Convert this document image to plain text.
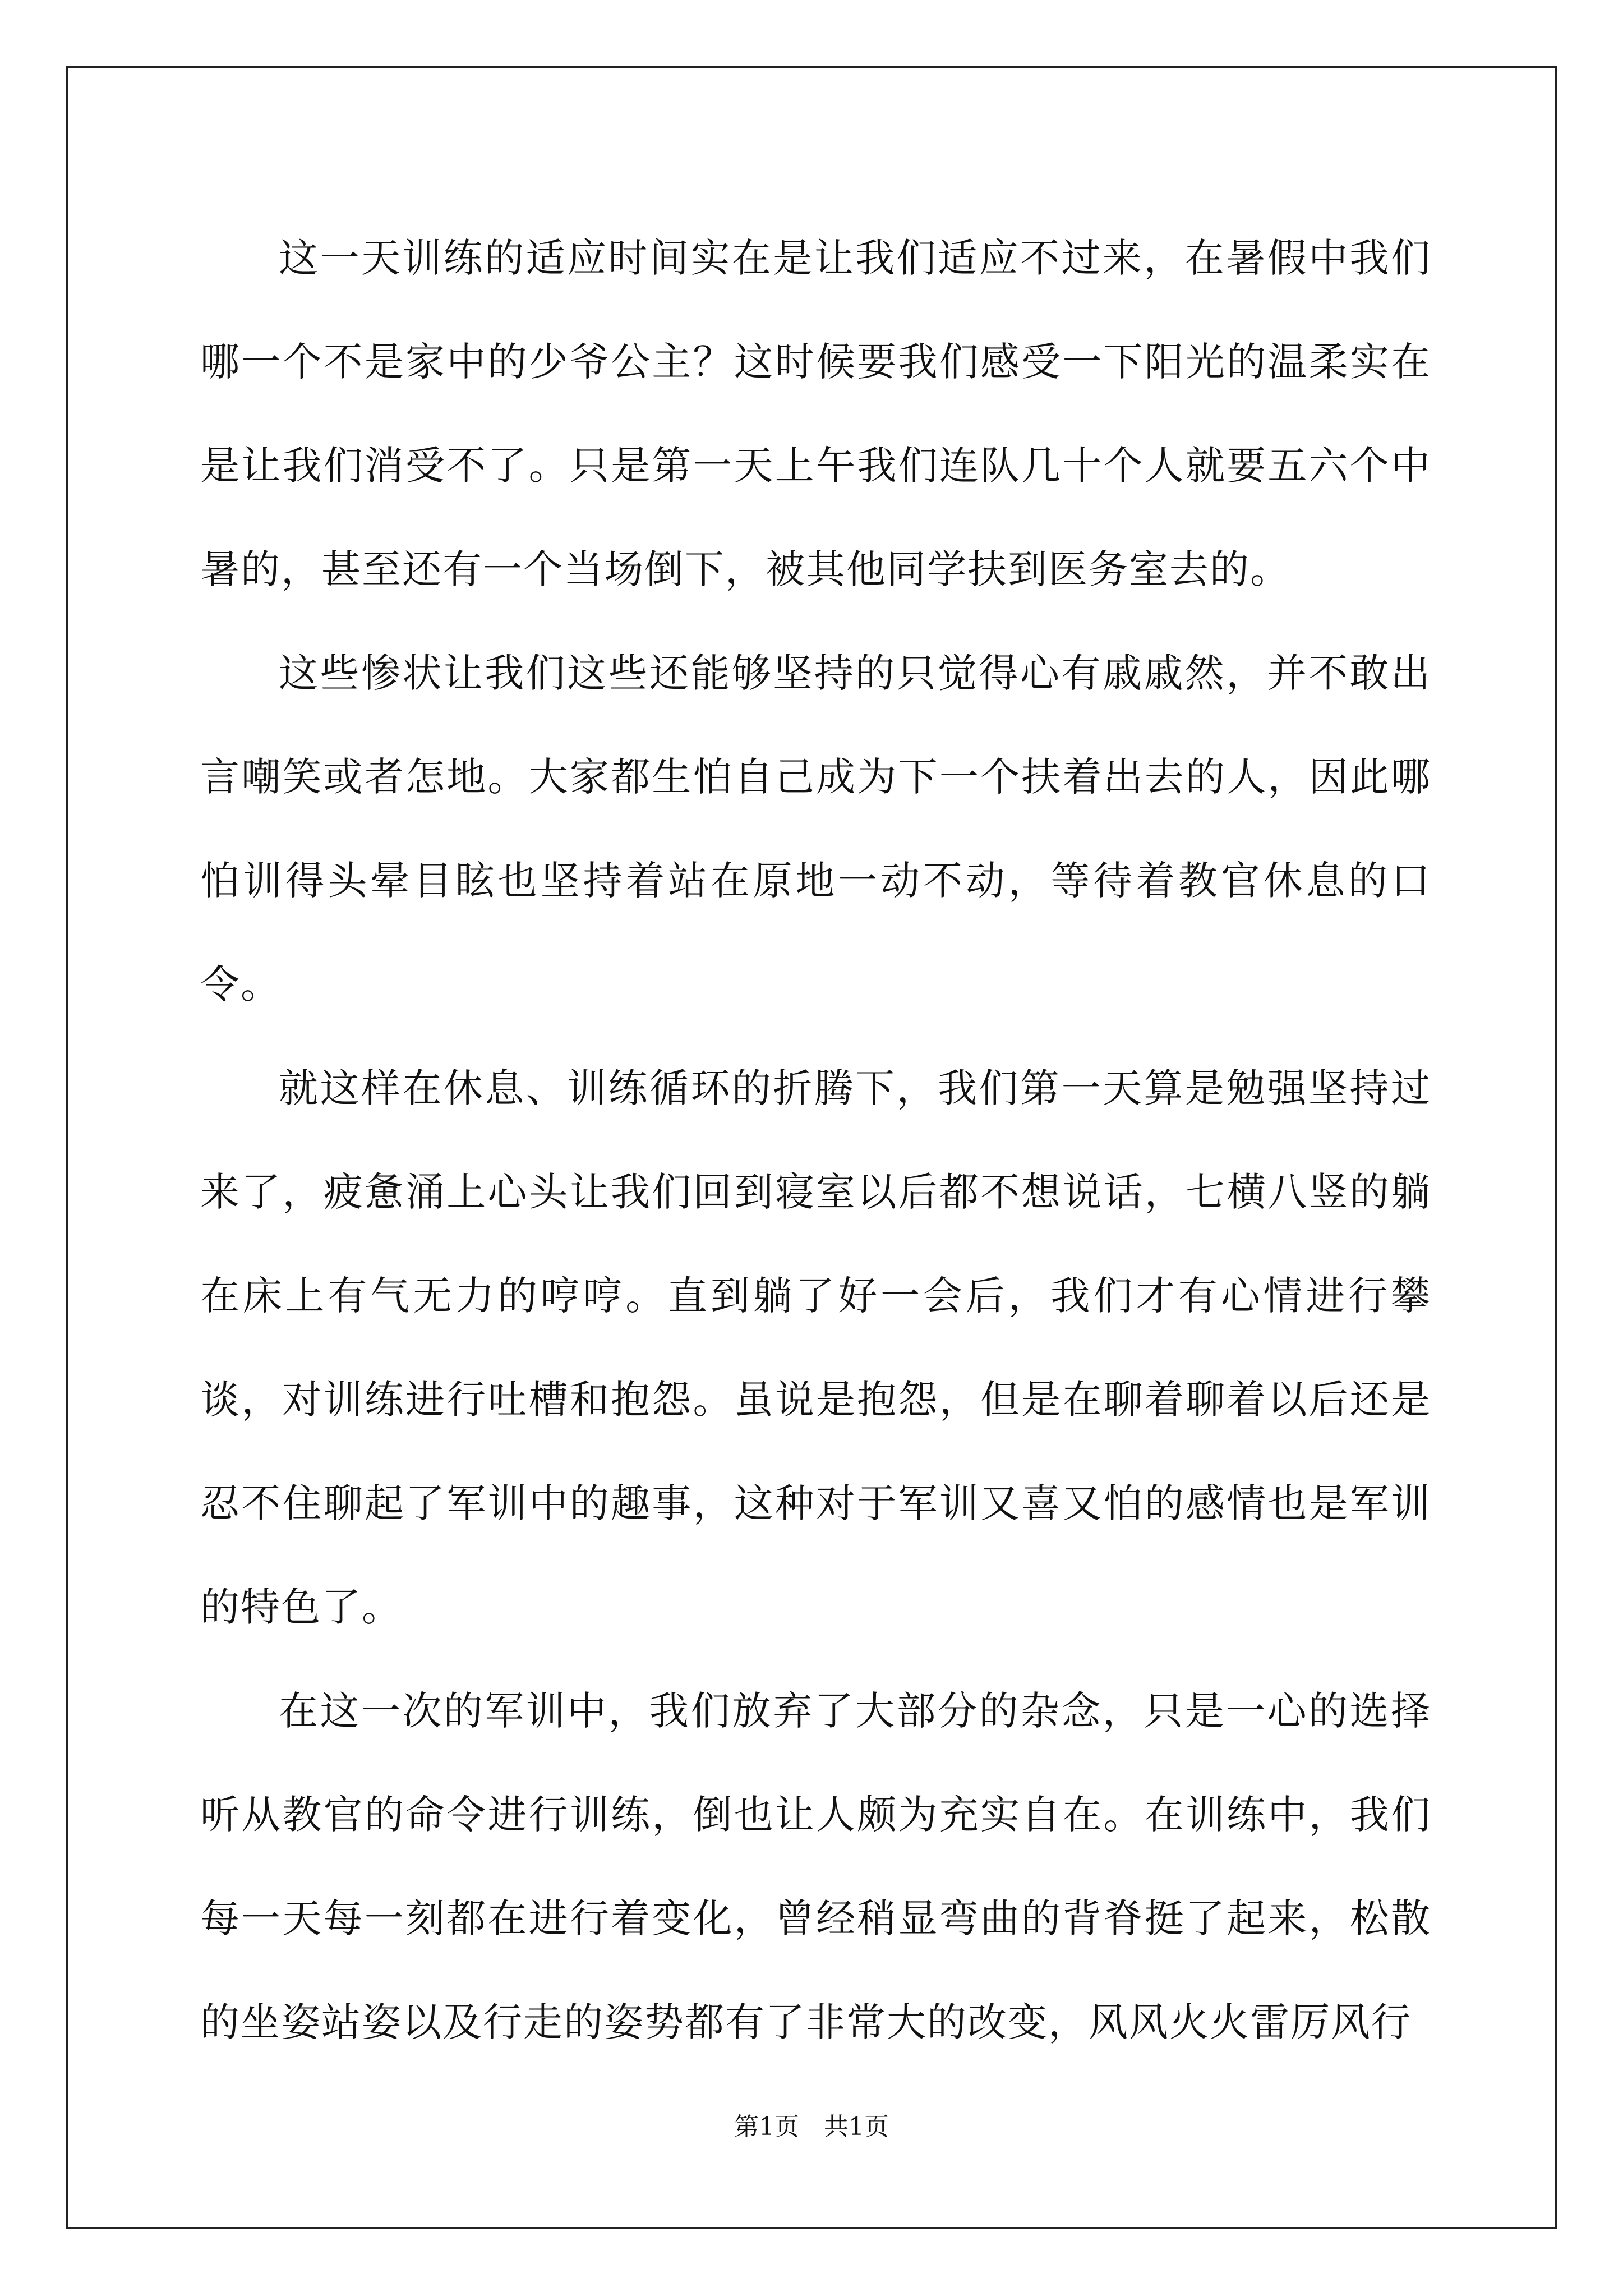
这一天训练的适应时间实在是让我们适应不过来，在暑假中我们哪一个不是家中的少爷公主？这时候要我们感受一下阳光的温柔实在是让我们消受不了。只是第一天上午我们连队几十个人就要五六个中暑的，甚至还有一个当场倒下，被其他同学扶到医务室去的。

这些惨状让我们这些还能够坚持的只觉得心有戚戚然，并不敢出言嘲笑或者怎地。大家都生怕自己成为下一个扶着出去的人，因此哪怕训得头晕目眩也坚持着站在原地一动不动，等待着教官休息的口令。

就这样在休息、训练循环的折腾下，我们第一天算是勉强坚持过来了，疲惫涌上心头让我们回到寝室以后都不想说话，七横八竖的躺在床上有气无力的哼哼。直到躺了好一会后，我们才有心情进行攀谈，对训练进行吐槽和抱怨。虽说是抱怨，但是在聊着聊着以后还是忍不住聊起了军训中的趣事，这种对于军训又喜又怕的感情也是军训的特色了。

在这一次的军训中，我们放弃了大部分的杂念，只是一心的选择听从教官的命令进行训练，倒也让人颇为充实自在。在训练中，我们每一天每一刻都在进行着变化，曾经稍显弯曲的背脊挺了起来，松散的坐姿站姿以及行走的姿势都有了非常大的改变，风风火火雷厉风行

第1页 共1页
